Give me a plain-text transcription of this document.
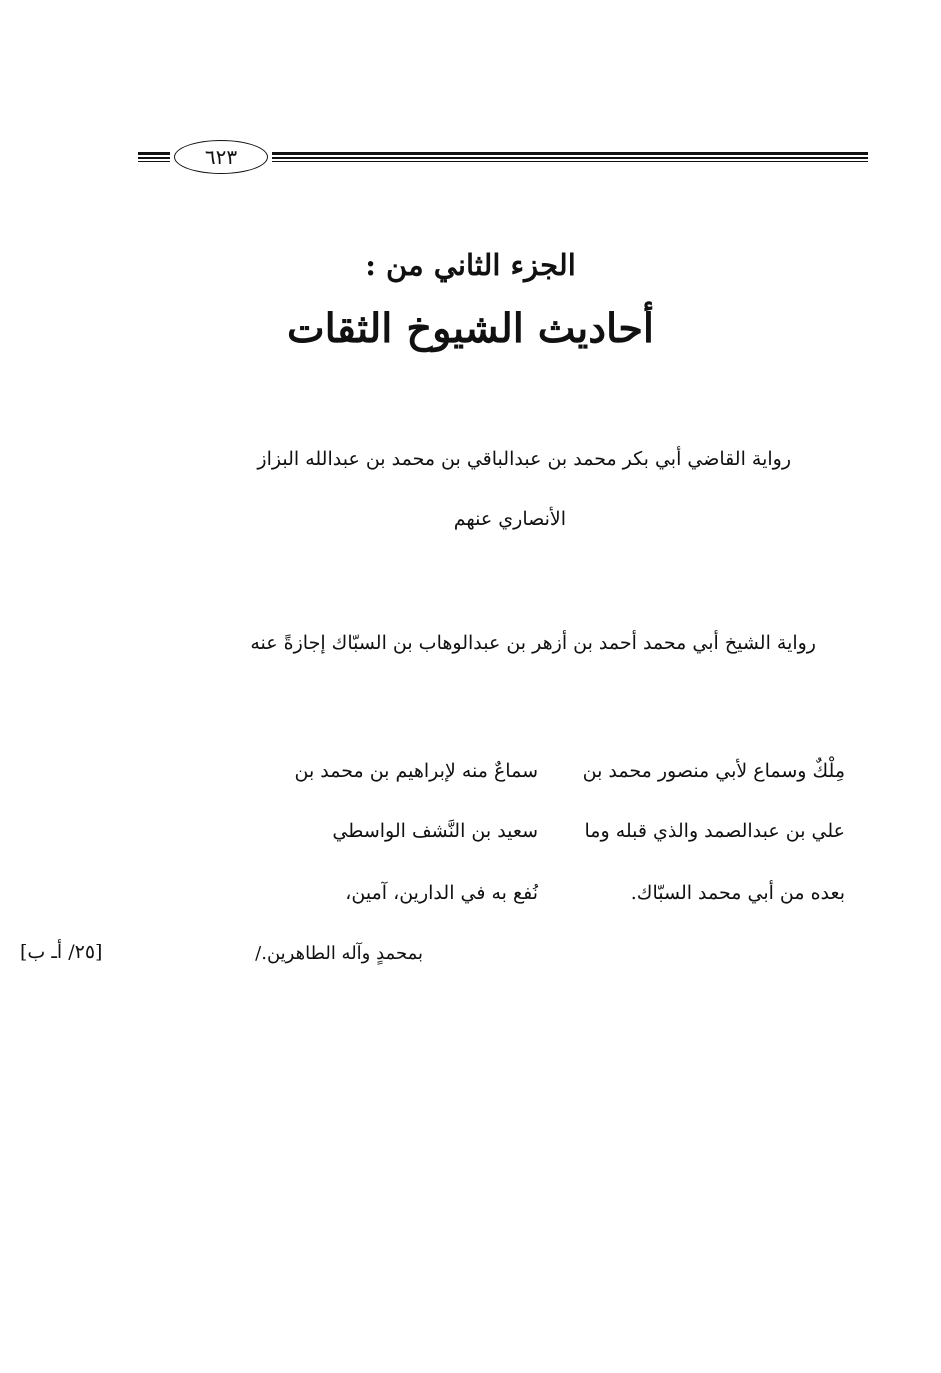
٦٢٣
الجزء الثاني من :
أحاديث الشيوخ الثقات
رواية القاضي أبي بكر محمد بن عبدالباقي بن محمد بن عبدالله البزاز
الأنصاري عنهم
رواية الشيخ أبي محمد أحمد بن أزهر بن عبدالوهاب بن السبّاك إجازةً عنه
مِلْكٌ وسماع لأبي منصور محمد بن
علي بن عبدالصمد والذي قبله وما
بعده من أبي محمد السبّاك.
سماعٌ منه لإبراهيم بن محمد بن
سعيد بن النَّشف الواسطي
نُفع به في الدارين، آمين،
بمحمدٍ وآله الطاهرين./
[٢٥/ أـ ب]
